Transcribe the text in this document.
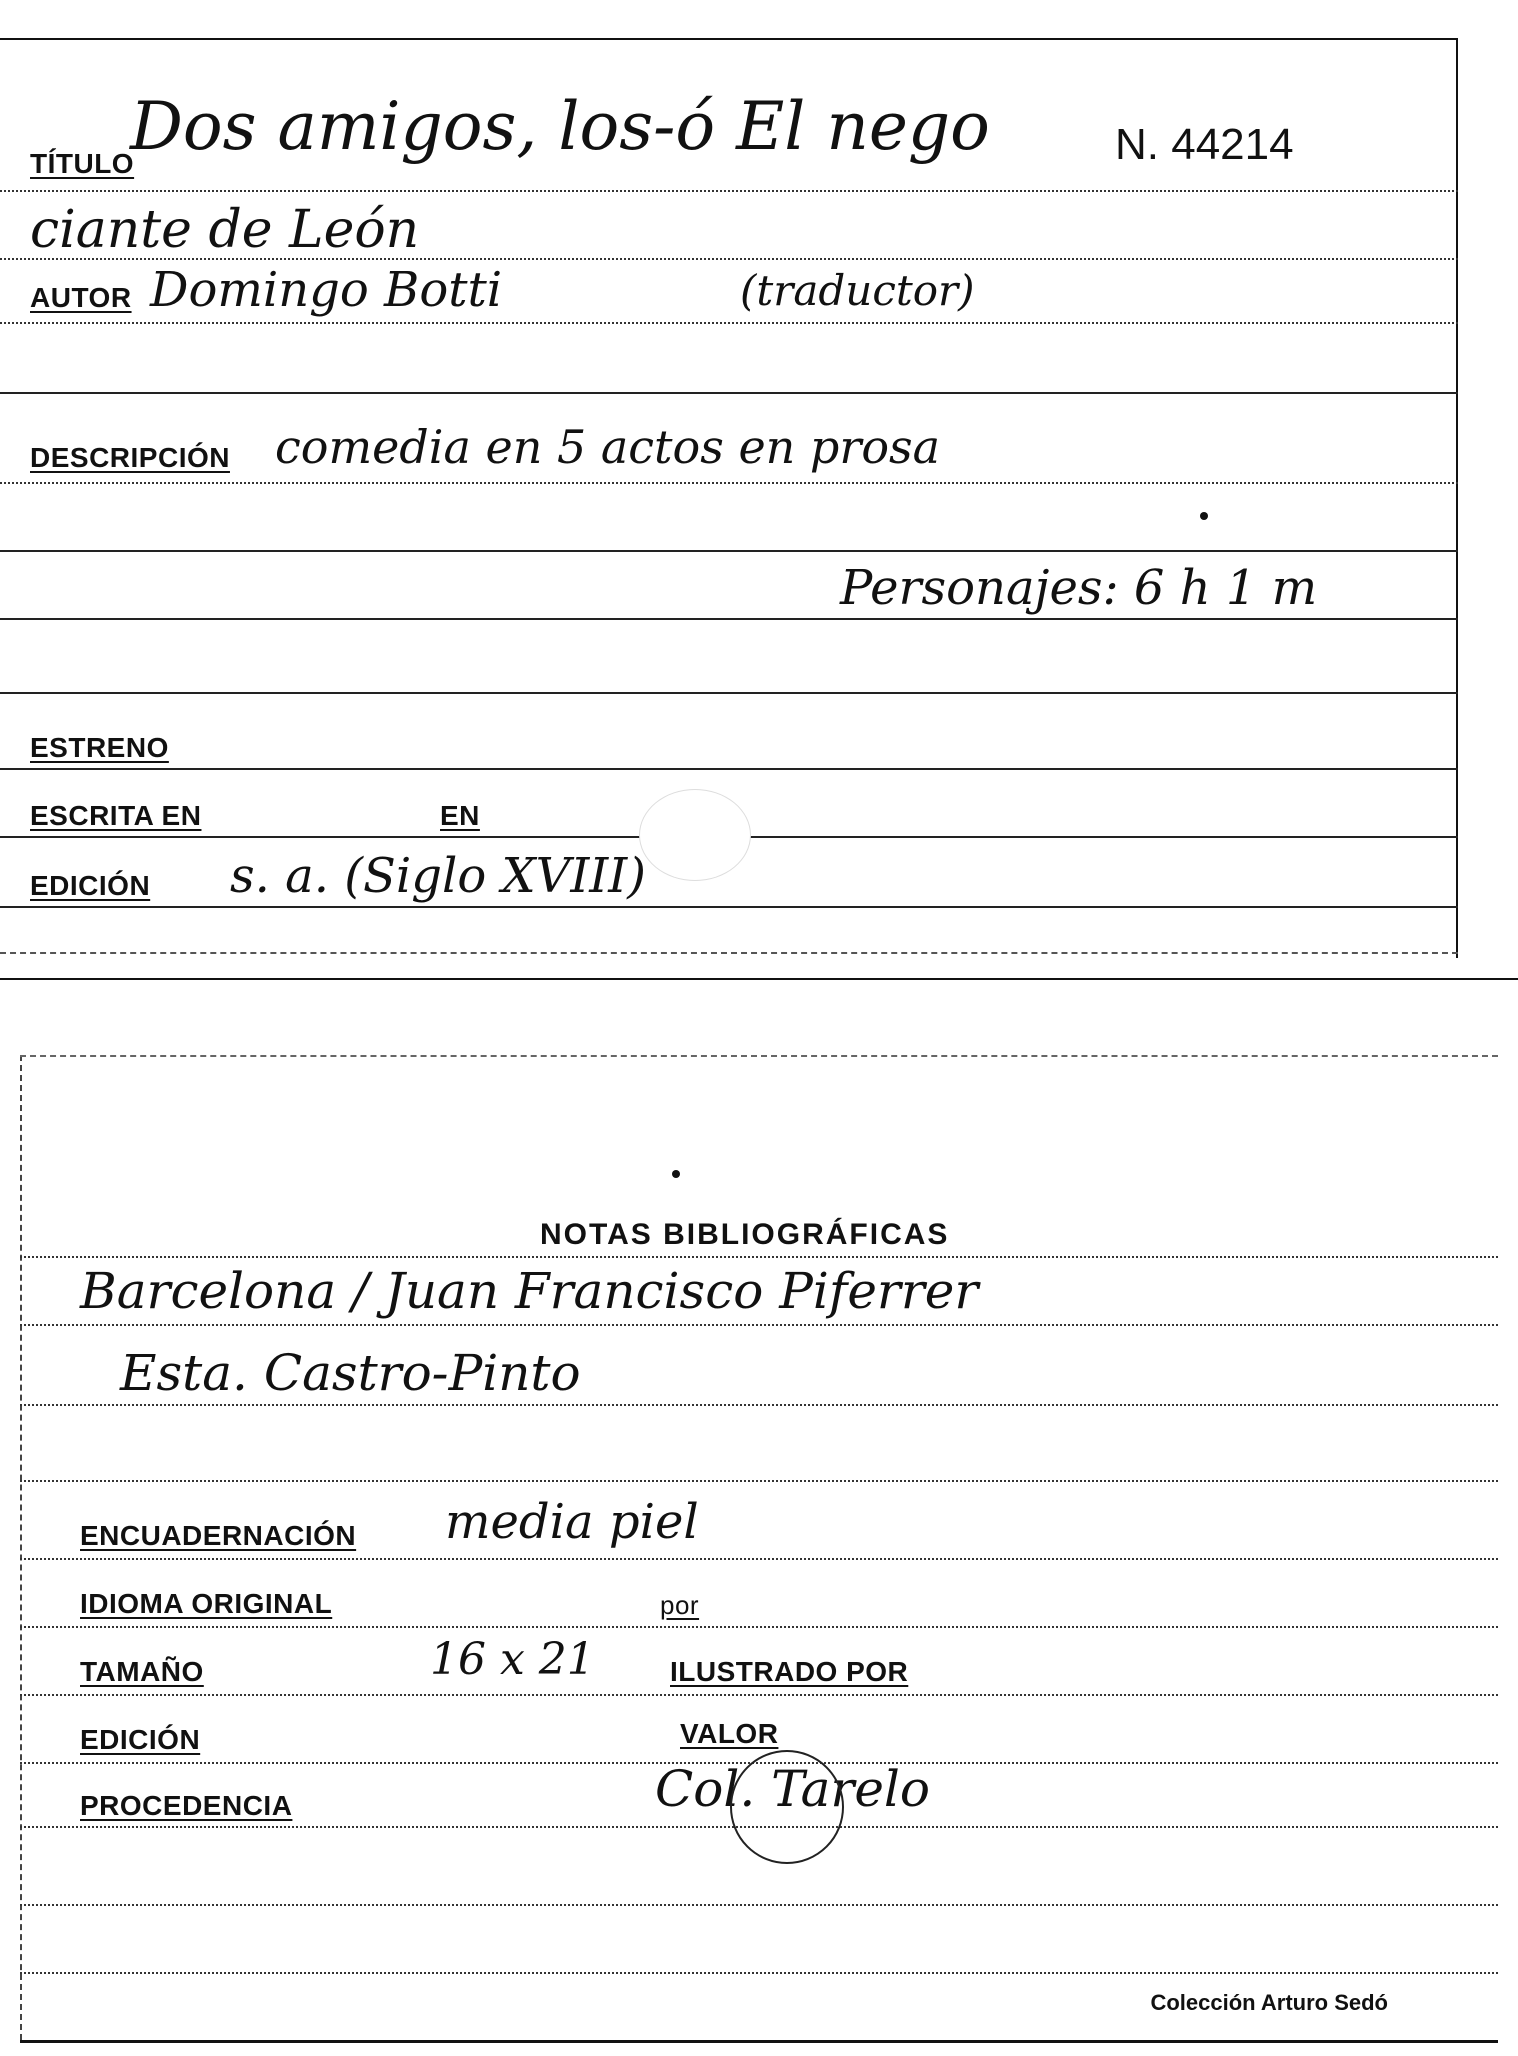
TÍTULO
Dos amigos, los-ó El nego	N. 44214
ciante de León
AUTOR Domingo Botti	(traductor)
DESCRIPCIÓN comedia en 5 actos en prosa
Personajes: 6 h 1 m
ESTRENO
ESCRITA EN	EN
EDICIÓN s. a. (Siglo XVIII)
NOTAS BIBLIOGRÁFICAS
Barcelona / Juan Francisco Piferrer
Esta. Castro-Pinto
ENCUADERNACIÓN media piel
IDIOMA ORIGINAL	por
TAMAÑO	16 x 21	ILUSTRADO POR
EDICIÓN	VALOR
PROCEDENCIA	Col. Tarelo
Colección Arturo Sedó
